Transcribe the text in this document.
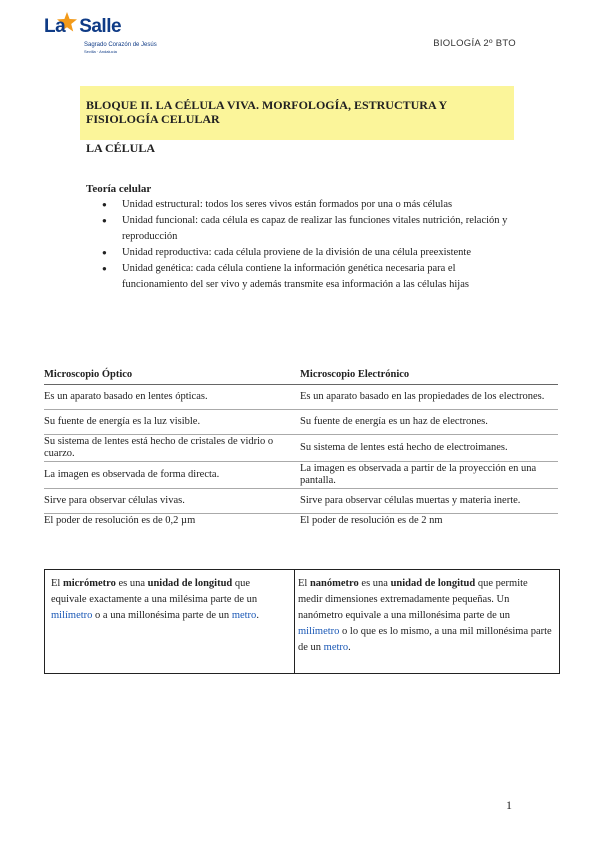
La Salle
Sagrado Corazón de Jesús
Sevilla · Andalucía
BIOLOGÍA 2º BTO
BLOQUE II. LA CÉLULA VIVA. MORFOLOGÍA, ESTRUCTURA Y FISIOLOGÍA CELULAR
LA CÉLULA
Teoría celular
● Unidad estructural: todos los seres vivos están formados por una o más células
● Unidad funcional: cada célula es capaz de realizar las funciones vitales nutrición, relación y reproducción
● Unidad reproductiva: cada célula proviene de la división de una célula preexistente
● Unidad genética: cada célula contiene la información genética necesaria para el funcionamiento del ser vivo y además transmite esa información a las células hijas
Microscopio Óptico	Microscopio Electrónico
Es un aparato basado en lentes ópticas.	Es un aparato basado en las propiedades de los electrones.
Su fuente de energía es la luz visible.	Su fuente de energía es un haz de electrones.
Su sistema de lentes está hecho de cristales de vidrio o cuarzo.	Su sistema de lentes está hecho de electroimanes.
La imagen es observada de forma directa.	La imagen es observada a partir de la proyección en una pantalla.
Sirve para observar células vivas.	Sirve para observar células muertas y materia inerte.
El poder de resolución es de 0,2 µm	El poder de resolución es de 2 nm
El micrómetro es una unidad de longitud que equivale exactamente a una milésima parte de un milímetro o a una millonésima parte de un metro.
El nanómetro es una unidad de longitud que permite medir dimensiones extremadamente pequeñas. Un nanómetro equivale a una millonésima parte de un milímetro o lo que es lo mismo, a una mil millonésima parte de un metro.
1
